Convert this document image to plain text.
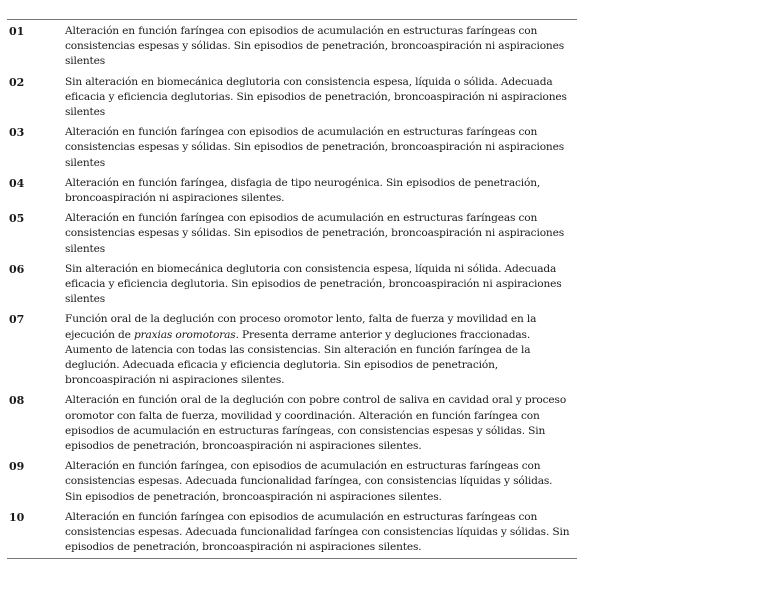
01	Alteración en función faríngea con episodios de acumulación en estructuras faríngeas con consistencias espesas y sólidas. Sin episodios de penetración, broncoaspiración ni aspiraciones silentes
02	Sin alteración en biomecánica deglutoria con consistencia espesa, líquida o sólida. Adecuada eficacia y eficiencia deglutorias. Sin episodios de penetración, broncoaspiración ni aspiraciones silentes
03	Alteración en función faríngea con episodios de acumulación en estructuras faríngeas con consistencias espesas y sólidas. Sin episodios de penetración, broncoaspiración ni aspiraciones silentes
04	Alteración en función faríngea, disfagia de tipo neurogénica. Sin episodios de penetración, broncoaspiración ni aspiraciones silentes.
05	Alteración en función faríngea con episodios de acumulación en estructuras faríngeas con consistencias espesas y sólidas. Sin episodios de penetración, broncoaspiración ni aspiraciones silentes
06	Sin alteración en biomecánica deglutoria con consistencia espesa, líquida ni sólida. Adecuada eficacia y eficiencia deglutoria. Sin episodios de penetración, broncoaspiración ni aspiraciones silentes
07	Función oral de la deglución con proceso oromotor lento, falta de fuerza y movilidad en la ejecución de praxias oromotoras. Presenta derrame anterior y degluciones fraccionadas. Aumento de latencia con todas las consistencias. Sin alteración en función faríngea de la deglución. Adecuada eficacia y eficiencia deglutoria. Sin episodios de penetración, broncoaspiración ni aspiraciones silentes.
08	Alteración en función oral de la deglución con pobre control de saliva en cavidad oral y proceso oromotor con falta de fuerza, movilidad y coordinación. Alteración en función faríngea con episodios de acumulación en estructuras faríngeas, con consistencias espesas y sólidas. Sin episodios de penetración, broncoaspiración ni aspiraciones silentes.
09	Alteración en función faríngea, con episodios de acumulación en estructuras faríngeas con consistencias espesas. Adecuada funcionalidad faríngea, con consistencias líquidas y sólidas. Sin episodios de penetración, broncoaspiración ni aspiraciones silentes.
10	Alteración en función faríngea con episodios de acumulación en estructuras faríngeas con consistencias espesas. Adecuada funcionalidad faríngea con consistencias líquidas y sólidas. Sin episodios de penetración, broncoaspiración ni aspiraciones silentes.
